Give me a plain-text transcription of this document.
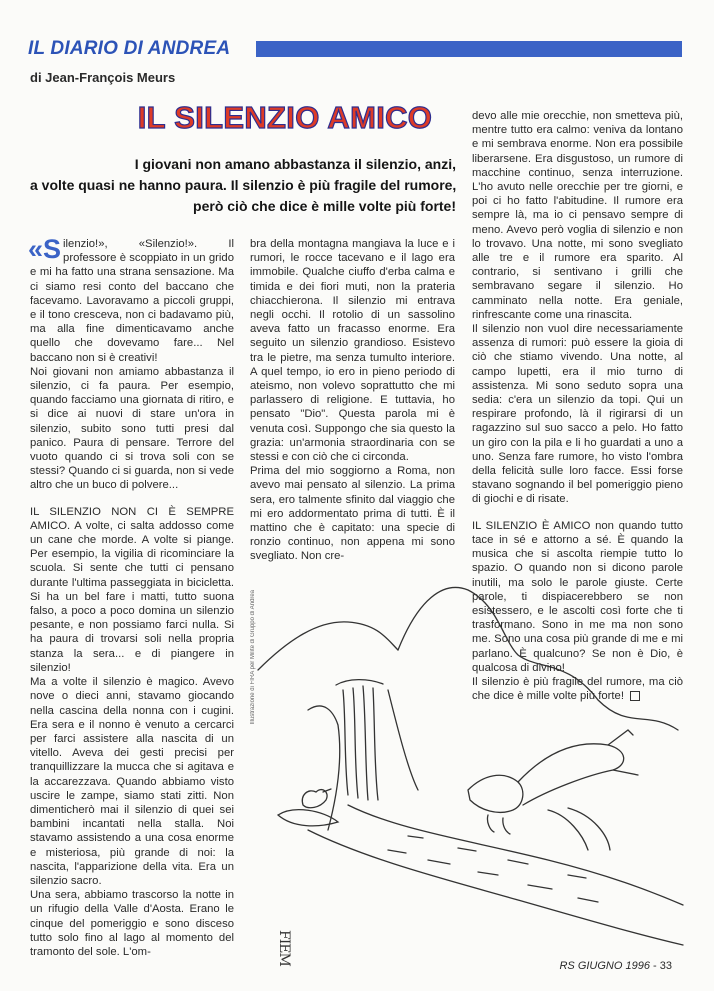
IL DIARIO DI ANDREA
di Jean-François Meurs
IL SILENZIO AMICO
I giovani non amano abbastanza il silenzio, anzi,
a volte quasi ne hanno paura. Il silenzio è più fragile del rumore,
però ciò che dice è mille volte più forte!

«Silenzio!», «Silenzio!». Il professore è scoppiato in un grido e mi ha fatto una strana sensazione. Ma ci siamo resi conto del baccano che facevamo. Lavoravamo a piccoli gruppi, e il tono cresceva, non ci badavamo più, ma alla fine dimenticavamo anche quello che dovevamo fare... Nel baccano non si è creativi!

Noi giovani non amiamo abbastanza il silenzio, ci fa paura. Per esempio, quando facciamo una giornata di ritiro, e si dice ai nuovi di stare un'ora in silenzio, subito sono tutti presi dal panico. Paura di pensare. Terrore del vuoto quando ci si trova soli con se stessi? Quando ci si guarda, non si vede altro che un buco di polvere...

IL SILENZIO NON CI È SEMPRE AMICO. A volte, ci salta addosso come un cane che morde. A volte si piange. Per esempio, la vigilia di ricominciare la scuola. Si sente che tutti ci pensano durante l'ultima passeggiata in bicicletta. Si ha un bel fare i matti, tutto suona falso, a poco a poco domina un silenzio pesante, e non possiamo farci nulla. Si ha paura di trovarsi soli nella propria stanza la sera... e di piangere in silenzio!

Ma a volte il silenzio è magico. Avevo nove o dieci anni, stavamo giocando nella cascina della nonna con i cugini. Era sera e il nonno è venuto a cercarci per farci assistere alla nascita di un vitello. Aveva dei gesti precisi per tranquillizzare la mucca che si agitava e la accarezzava. Quando abbiamo visto uscire le zampe, siamo stati zitti. Non dimenticherò mai il silenzio di quei sei bambini incantati nella stalla. Noi stavamo assistendo a una cosa enorme e misteriosa, più grande di noi: la nascita, l'apparizione della vita. Era un silenzio sacro.

Una sera, abbiamo trascorso la notte in un rifugio della Valle d'Aosta. Erano le cinque del pomeriggio e sono disceso tutto solo fino al lago al momento del tramonto del sole. L'om-

bra della montagna mangiava la luce e i rumori, le rocce tacevano e il lago era immobile. Qualche ciuffo d'erba calma e timida e dei fiori muti, non la prateria chiacchierona. Il silenzio mi entrava negli occhi. Il rotolio di un sassolino aveva fatto un fracasso enorme. Era seguito un silenzio grandioso. Esistevo tra le pietre, ma senza tumulto interiore. A quel tempo, io ero in pieno periodo di ateismo, non volevo soprattutto che mi parlassero di religione. E tuttavia, ho pensato "Dio". Questa parola mi è venuta così. Suppongo che sia questo la grazia: un'armonia straordinaria con se stessi e con ciò che ci circonda.

Prima del mio soggiorno a Roma, non avevo mai pensato al silenzio. La prima sera, ero talmente sfinito dal viaggio che mi ero addormentato prima di tutti. È il mattino che è capitato: una specie di ronzio continuo, non appena mi sono svegliato. Non cre-

devo alle mie orecchie, non smetteva più, mentre tutto era calmo: veniva da lontano e mi sembrava enorme. Non era possibile liberarsene. Era disgustoso, un rumore di macchine continuo, senza interruzione. L'ho avuto nelle orecchie per tre giorni, e poi ci ho fatto l'abitudine. Il rumore era sempre là, ma io ci pensavo sempre di meno. Avevo però voglia di silenzio e non lo trovavo. Una notte, mi sono svegliato alle tre e il rumore era sparito. Al contrario, si sentivano i grilli che sembravano segare il silenzio. Ho camminato nella notte. Era geniale, rinfrescante come una rinascita.

Il silenzio non vuol dire necessariamente assenza di rumori: può essere la gioia di ciò che stiamo vivendo. Una notte, al campo lupetti, era il mio turno di assistenza. Mi sono seduto sopra una sedia: c'era un silenzio da topi. Qui un respirare profondo, là il rigirarsi di un ragazzino sul suo sacco a pelo. Ho fatto un giro con la pila e li ho guardati a uno a uno. Senza fare rumore, ho visto l'ombra della felicità sulle loro facce. Essi forse stavano sognando il bel pomeriggio pieno di giochi e di risate.

IL SILENZIO È AMICO non quando tutto tace in sé e attorno a sé. È quando la musica che si ascolta riempie tutto lo spazio. O quando non si dicono parole inutili, ma solo le parole giuste. Certe parole, ti dispiacerebbero se non esistessero, e le ascolti così forte che ti trasformano. Sono in me ma non sono me. Sono una cosa più grande di me e mi parlano. È qualcuno? Se non è Dio, è qualcosa di divino!

Il silenzio è più fragile del rumore, ma ciò che dice è mille volte più forte!

Illustrazione di FIRA per Milite di Gruppo di Andrea
FIEM
RS GIUGNO 1996 - 33
